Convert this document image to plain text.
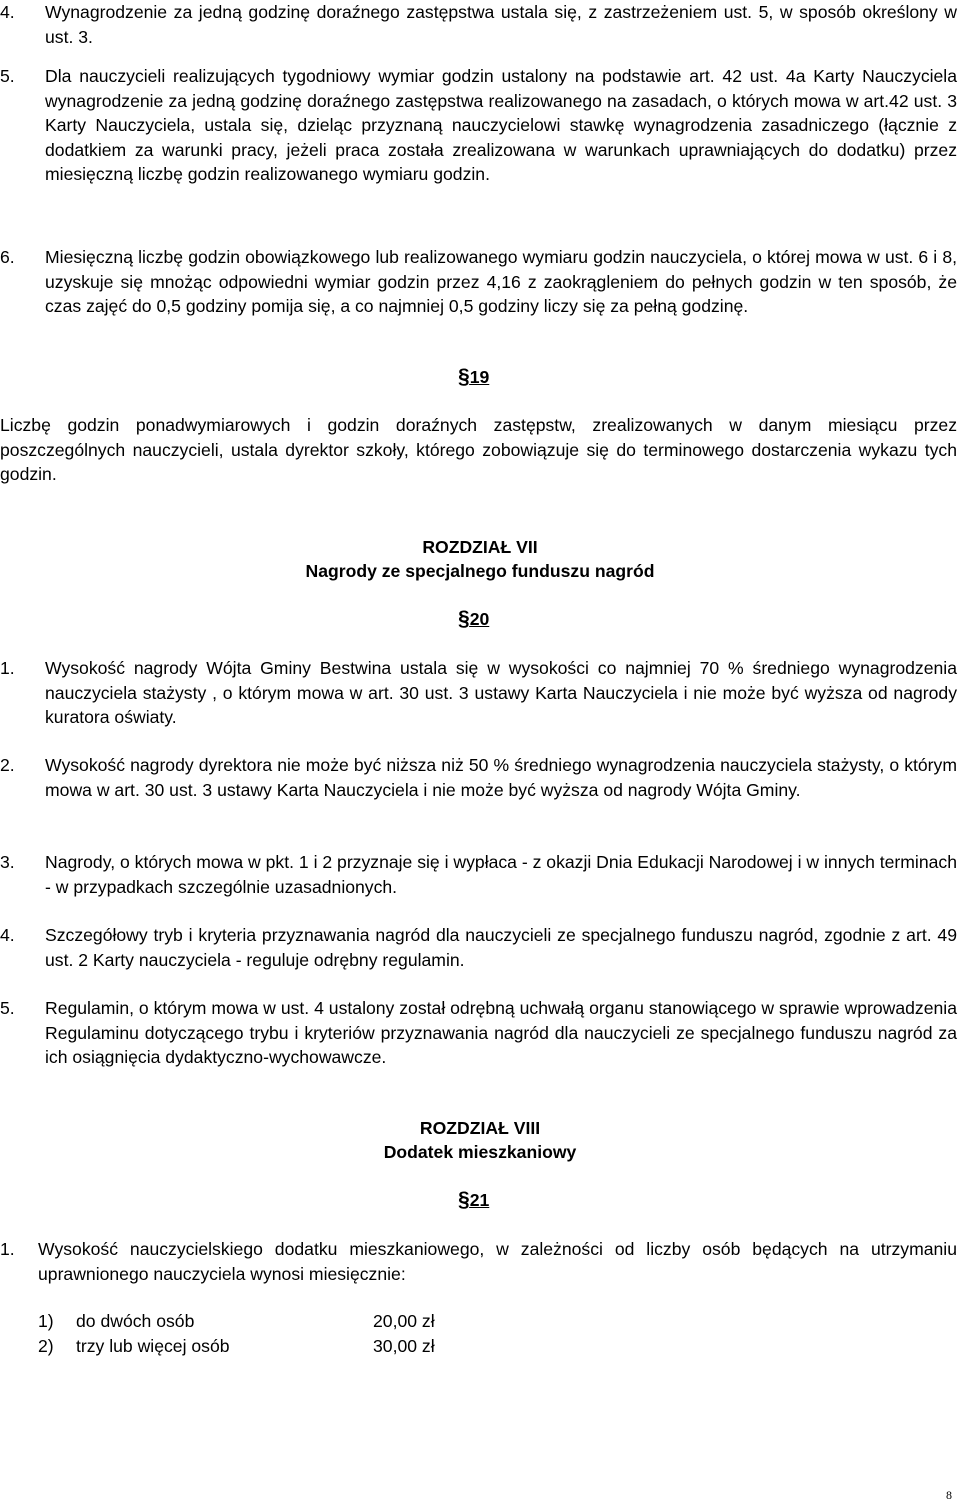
4. Wynagrodzenie za jedną godzinę doraźnego zastępstwa ustala się, z zastrzeżeniem ust. 5, w sposób określony w ust. 3.
5. Dla nauczycieli realizujących tygodniowy wymiar godzin ustalony na podstawie art. 42 ust. 4a Karty Nauczyciela wynagrodzenie za jedną godzinę doraźnego zastępstwa realizowanego na zasadach, o których mowa w art.42 ust. 3 Karty Nauczyciela, ustala się, dzieląc przyznaną nauczycielowi stawkę wynagrodzenia zasadniczego (łącznie z dodatkiem za warunki pracy, jeżeli praca została zrealizowana w warunkach uprawniających do dodatku) przez miesięczną liczbę godzin realizowanego wymiaru godzin.
6. Miesięczną liczbę godzin obowiązkowego lub realizowanego wymiaru godzin nauczyciela, o której mowa w ust. 6 i 8, uzyskuje się mnożąc odpowiedni wymiar godzin przez 4,16 z zaokrągleniem do pełnych godzin w ten sposób, że czas zajęć do 0,5 godziny pomija się, a co najmniej 0,5 godziny liczy się za pełną godzinę.
§19
Liczbę godzin ponadwymiarowych i godzin doraźnych zastępstw, zrealizowanych w danym miesiącu przez poszczególnych nauczycieli, ustala dyrektor szkoły, którego zobowiązuje się do terminowego dostarczenia wykazu tych godzin.
ROZDZIAŁ VII
Nagrody ze specjalnego funduszu nagród
§20
1. Wysokość nagrody Wójta Gminy Bestwina ustala się w wysokości co najmniej 70 % średniego wynagrodzenia nauczyciela stażysty , o którym mowa w art. 30 ust. 3 ustawy Karta Nauczyciela i nie może być wyższa od nagrody kuratora oświaty.
2. Wysokość nagrody dyrektora nie może być niższa niż 50 % średniego wynagrodzenia nauczyciela stażysty, o którym mowa w art. 30 ust. 3 ustawy Karta Nauczyciela i nie może być wyższa od nagrody Wójta Gminy.
3. Nagrody, o których mowa w pkt. 1 i 2 przyznaje się i wypłaca - z okazji Dnia Edukacji Narodowej i w innych terminach - w przypadkach szczególnie uzasadnionych.
4. Szczegółowy tryb i kryteria przyznawania nagród dla nauczycieli ze specjalnego funduszu nagród, zgodnie z art. 49 ust. 2 Karty nauczyciela - reguluje odrębny regulamin.
5. Regulamin, o którym mowa w ust. 4 ustalony został odrębną uchwałą organu stanowiącego w sprawie wprowadzenia Regulaminu dotyczącego trybu i kryteriów przyznawania nagród dla nauczycieli ze specjalnego funduszu nagród za ich osiągnięcia dydaktyczno-wychowawcze.
ROZDZIAŁ VIII
Dodatek mieszkaniowy
§21
1. Wysokość nauczycielskiego dodatku mieszkaniowego, w zależności od liczby osób będących na utrzymaniu uprawnionego nauczyciela wynosi miesięcznie:
1) do dwóch osób	20,00 zł
2) trzy lub więcej osób	30,00 zł
8
